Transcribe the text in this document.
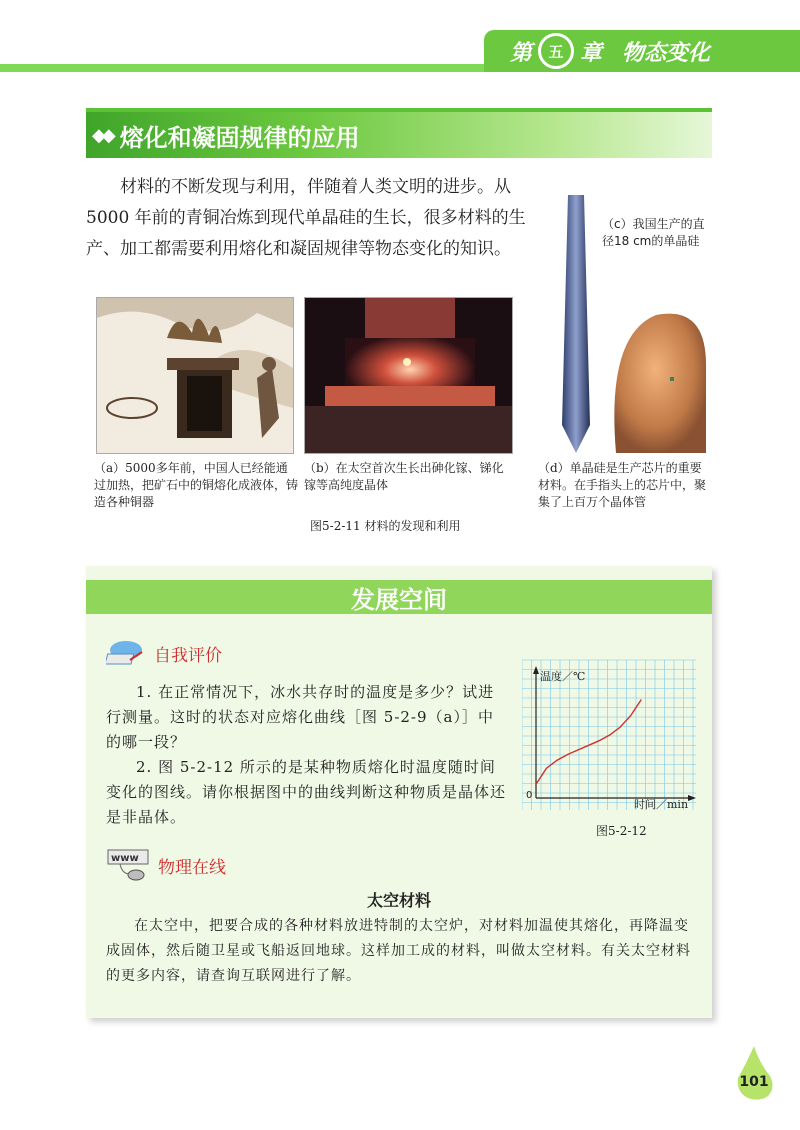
第 五 章 物态变化
◆◆ 熔化和凝固规律的应用
材料的不断发现与利用，伴随着人类文明的进步。从 5000 年前的青铜冶炼到现代单晶硅的生长，很多材料的生产、加工都需要利用熔化和凝固规律等物态变化的知识。
（c）我国生产的直径18 cm的单晶硅
（a）5000多年前，中国人已经能通过加热，把矿石中的铜熔化成液体，铸造各种铜器
（b）在太空首次生长出砷化镓、锑化镓等高纯度晶体
（d）单晶硅是生产芯片的重要材料。在手指头上的芯片中，聚集了上百万个晶体管
图5-2-11 材料的发现和利用
发展空间
自我评价

1. 在正常情况下，冰水共存时的温度是多少？试进行测量。这时的状态对应熔化曲线［图 5-2-9（a）］中的哪一段？

2. 图 5-2-12 所示的是某种物质熔化时温度随时间变化的图线。请你根据图中的曲线判断这种物质是晶体还是非晶体。

温度／℃
时间／min
0
图5-2-12
www 物理在线
太空材料

在太空中，把要合成的各种材料放进特制的太空炉，对材料加温使其熔化，再降温变成固体，然后随卫星或飞船返回地球。这样加工成的材料，叫做太空材料。有关太空材料的更多内容，请查询互联网进行了解。

101
